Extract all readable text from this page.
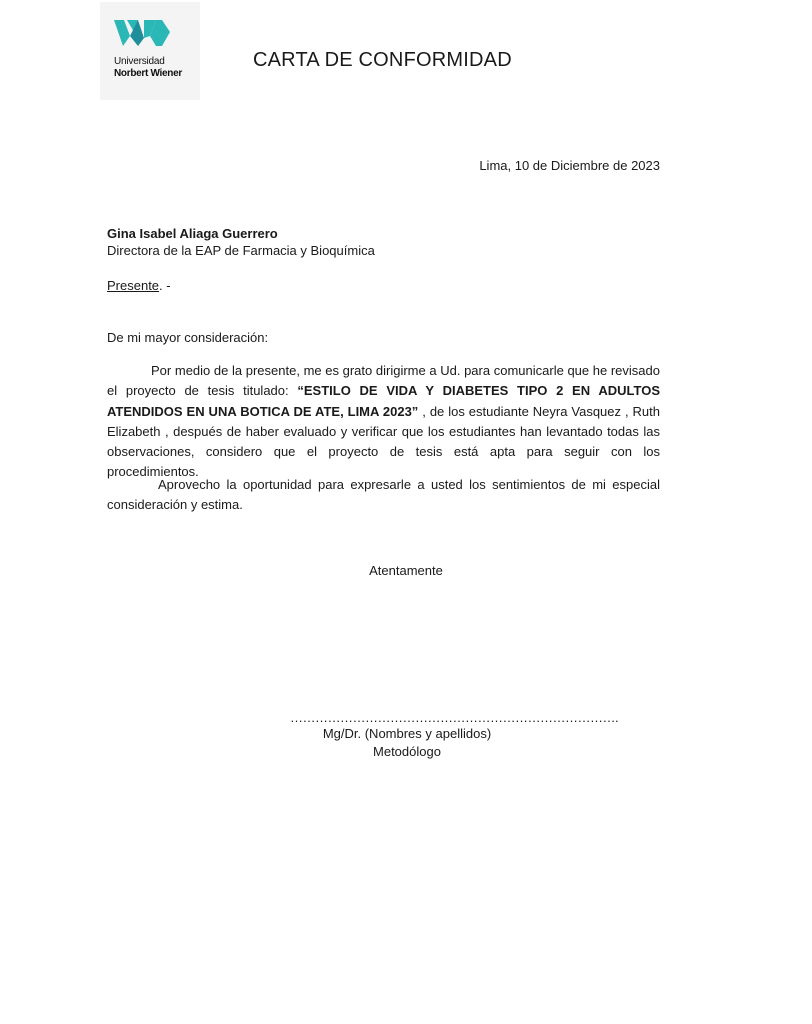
Universidad
Norbert Wiener
CARTA DE CONFORMIDAD
Lima, 10 de Diciembre de 2023
Gina Isabel Aliaga Guerrero
Directora de la EAP de Farmacia y Bioquímica
Presente. -
De mi mayor consideración:
Por medio de la presente, me es grato dirigirme a Ud. para comunicarle que he revisado el proyecto de tesis titulado: “ESTILO DE VIDA Y DIABETES TIPO 2 EN ADULTOS ATENDIDOS EN UNA BOTICA DE ATE, LIMA 2023” , de los estudiante Neyra Vasquez , Ruth Elizabeth , después de haber evaluado y verificar que los estudiantes han levantado todas las observaciones, considero que el proyecto de tesis está apta para seguir con los procedimientos.
Aprovecho la oportunidad para expresarle a usted los sentimientos de mi especial consideración y estima.
Atentamente
…………………………………………………………………….
Mg/Dr. (Nombres y apellidos)
Metodólogo
